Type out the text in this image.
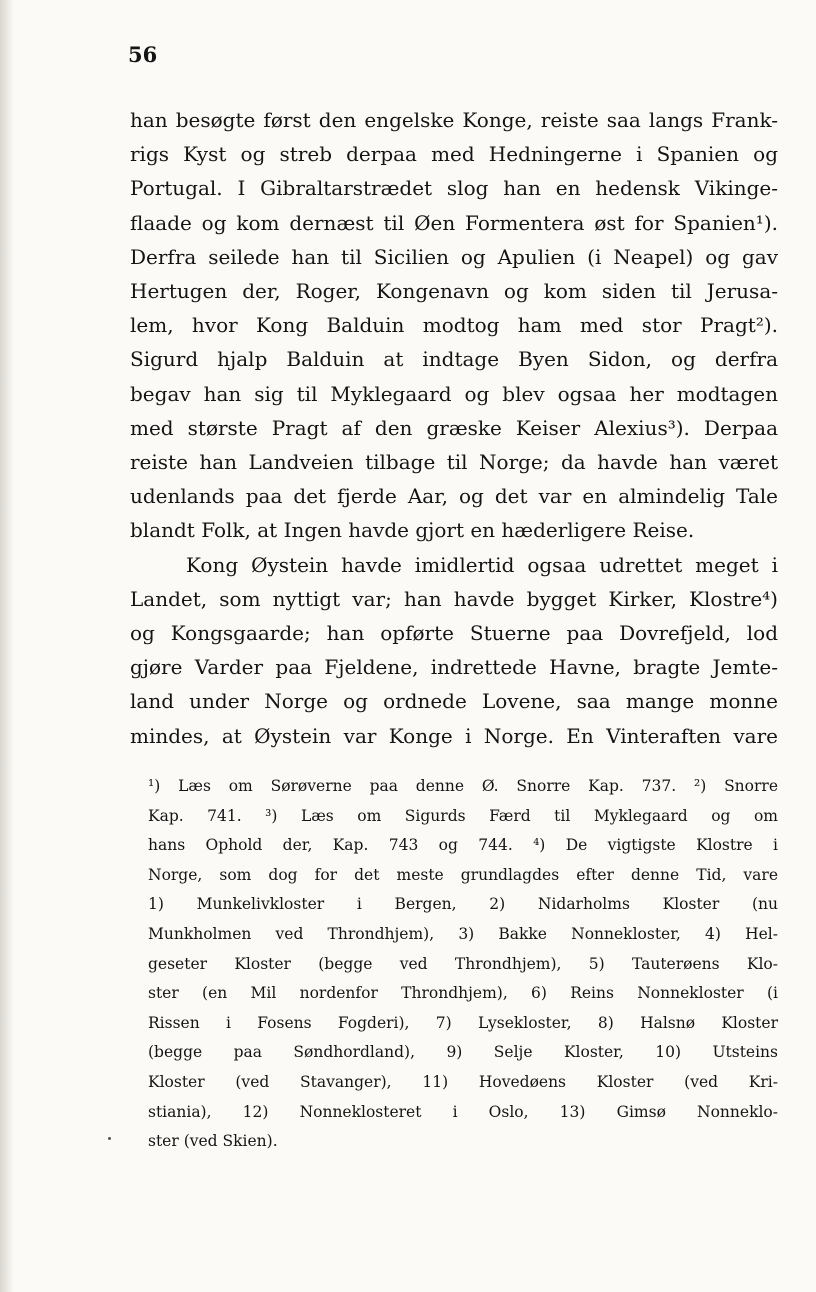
56
han besøgte først den engelske Konge, reiste saa langs Frank-
rigs Kyst og streb derpaa med Hedningerne i Spanien og
Portugal. I Gibraltarstrædet slog han en hedensk Vikinge-
flaade og kom dernæst til Øen Formentera øst for Spanien¹).
Derfra seilede han til Sicilien og Apulien (i Neapel) og gav
Hertugen der, Roger, Kongenavn og kom siden til Jerusa-
lem, hvor Kong Balduin modtog ham med stor Pragt²).
Sigurd hjalp Balduin at indtage Byen Sidon, og derfra
begav han sig til Myklegaard og blev ogsaa her modtagen
med største Pragt af den græske Keiser Alexius³). Derpaa
reiste han Landveien tilbage til Norge; da havde han været
udenlands paa det fjerde Aar, og det var en almindelig Tale
blandt Folk, at Ingen havde gjort en hæderligere Reise.
Kong Øystein havde imidlertid ogsaa udrettet meget i
Landet, som nyttigt var; han havde bygget Kirker, Klostre⁴)
og Kongsgaarde; han opførte Stuerne paa Dovrefjeld, lod
gjøre Varder paa Fjeldene, indrettede Havne, bragte Jemte-
land under Norge og ordnede Lovene, saa mange monne
mindes, at Øystein var Konge i Norge. En Vinteraften vare
¹) Læs om Sørøverne paa denne Ø. Snorre Kap. 737. ²) Snorre
Kap. 741. ³) Læs om Sigurds Færd til Myklegaard og om
hans Ophold der, Kap. 743 og 744. ⁴) De vigtigste Klostre i
Norge, som dog for det meste grundlagdes efter denne Tid, vare
1) Munkelivkloster i Bergen, 2) Nidarholms Kloster (nu
Munkholmen ved Throndhjem), 3) Bakke Nonnekloster, 4) Hel-
geseter Kloster (begge ved Throndhjem), 5) Tauterøens Klo-
ster (en Mil nordenfor Throndhjem), 6) Reins Nonnekloster (i
Rissen i Fosens Fogderi), 7) Lysekloster, 8) Halsnø Kloster
(begge paa Søndhordland), 9) Selje Kloster, 10) Utsteins
Kloster (ved Stavanger), 11) Hovedøens Kloster (ved Kri-
stiania), 12) Nonneklosteret i Oslo, 13) Gimsø Nonneklo-
ster (ved Skien).
